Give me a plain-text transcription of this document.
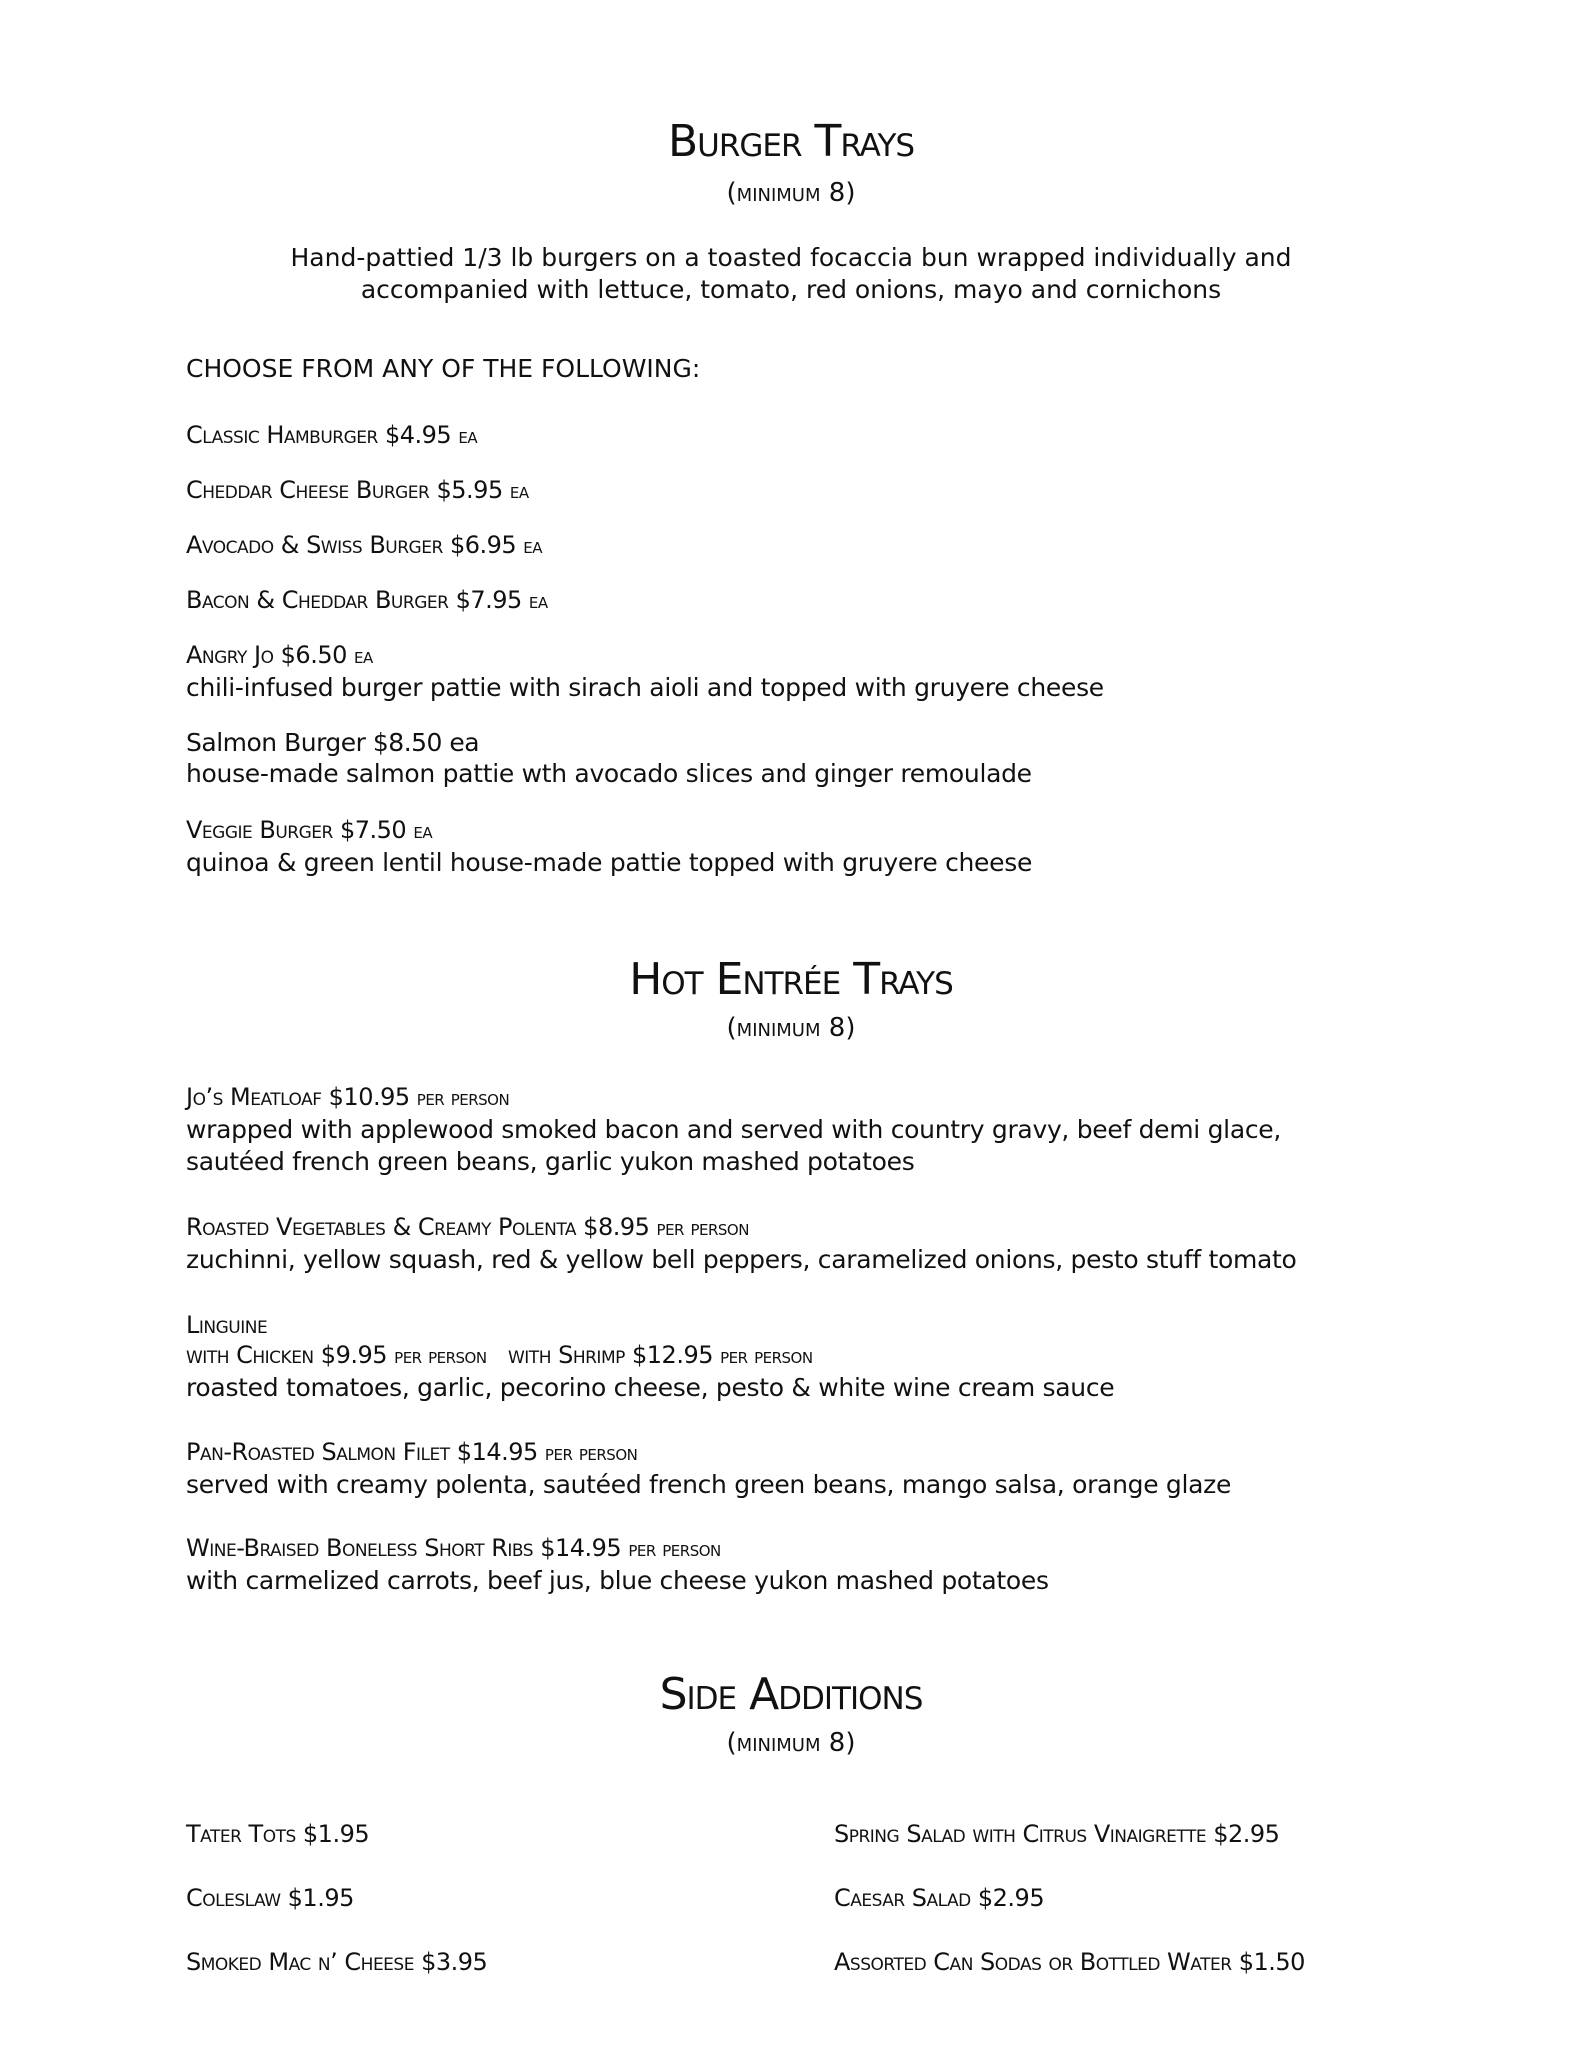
Burger Trays
(minimum 8)
Hand-pattied 1/3 lb burgers on a toasted focaccia bun wrapped individually and
accompanied with lettuce, tomato, red onions, mayo and cornichons
CHOOSE FROM ANY OF THE FOLLOWING:
Classic Hamburger $4.95 ea
Cheddar Cheese Burger $5.95 ea
Avocado & Swiss Burger $6.95 ea
Bacon & Cheddar Burger $7.95 ea
Angry Jo $6.50 ea
chili-infused burger pattie with sirach aioli and topped with gruyere cheese
Salmon Burger $8.50 ea
house-made salmon pattie wth avocado slices and ginger remoulade
Veggie Burger $7.50 ea
quinoa & green lentil house-made pattie topped with gruyere cheese
Hot Entrée Trays
(minimum 8)
Jo’s Meatloaf $10.95 per person
wrapped with applewood smoked bacon and served with country gravy, beef demi glace,
sautéed french green beans, garlic yukon mashed potatoes
Roasted Vegetables & Creamy Polenta $8.95 per person
zuchinni, yellow squash, red & yellow bell peppers, caramelized onions, pesto stuff tomato
Linguine
with Chicken $9.95 per person with Shrimp $12.95 per person
roasted tomatoes, garlic, pecorino cheese, pesto & white wine cream sauce
Pan-Roasted Salmon Filet $14.95 per person
served with creamy polenta, sautéed french green beans, mango salsa, orange glaze
Wine-Braised Boneless Short Ribs $14.95 per person
with carmelized carrots, beef jus, blue cheese yukon mashed potatoes
Side Additions
(minimum 8)
Tater Tots $1.95
Coleslaw $1.95
Smoked Mac n’ Cheese $3.95
Spring Salad with Citrus Vinaigrette $2.95
Caesar Salad $2.95
Assorted Can Sodas or Bottled Water $1.50
